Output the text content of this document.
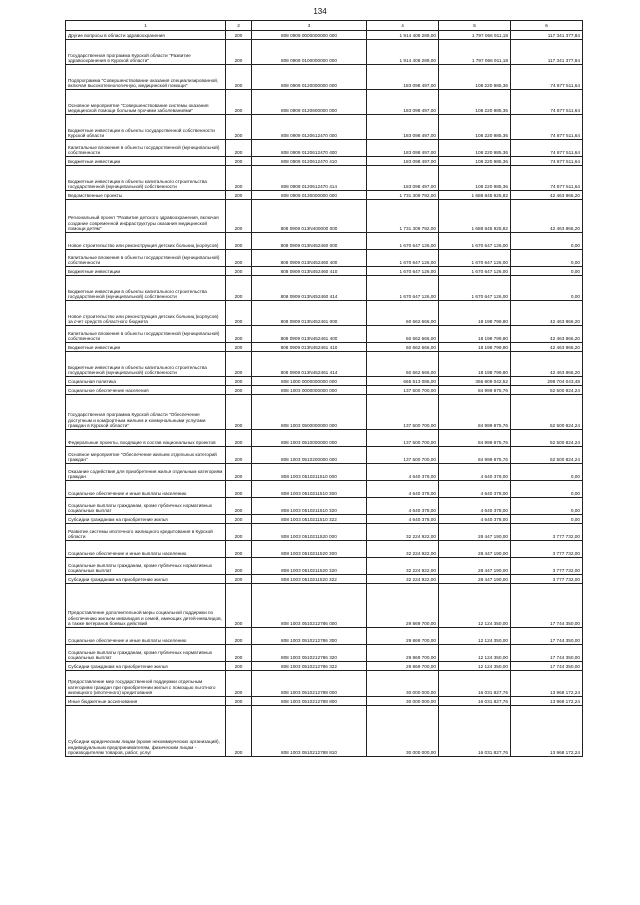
134
1	2	3	4	5	6
Другие вопросы в области здравоохранения	200	808 0909 0000000000 000	1 914 408 289,00	1 797 066 911,18	117 341 377,84
Государственная программа Курской области "Развитие здравоохранения в Курской области"	200	808 0909 0100000000 000	1 914 408 289,00	1 797 066 911,18	117 341 377,84
Подпрограмма "Совершенствование оказания специализированной, включая высокотехнологичную, медицинской помощи"	200	808 0909 0120000000 000	183 098 497,00	108 220 985,36	74 877 511,64
Основное мероприятие "Совершенствование системы оказания медицинской помощи больным прочими заболеваниями"	200	808 0909 0120600000 000	183 098 497,00	108 220 985,36	74 877 511,64
Бюджетные инвестиции в объекты государственной собственности Курской области	200	808 0909 0120612470 000	183 098 497,00	108 220 985,36	74 877 511,64
Капитальные вложения в объекты государственной (муниципальной) собственности	200	808 0909 0120612470 400	183 098 497,00	108 220 985,36	74 877 511,64
Бюджетные инвестиции	200	808 0909 0120612470 410	183 098 497,00	108 220 985,36	74 877 511,64
Бюджетные инвестиции в объекты капитального строительства государственной (муниципальной) собственности	200	808 0909 0120612470 414	183 098 497,00	108 220 985,36	74 877 511,64
Ведомственные проекты	200	808 0909 0130000000 000	1 731 309 792,00	1 688 845 925,82	42 463 866,20
Региональный проект "Развитие детского здравоохранения, включая создание современной инфраструктуры оказания медицинской помощи детям"	200	808 0909 013N400000 000	1 731 309 792,00	1 688 845 925,82	42 463 866,20
Новое строительство или реконструкция детских больниц (корпусов)	200	808 0909 013N452460 000	1 670 647 126,00	1 670 647 126,00	0,00
Капитальные вложения в объекты государственной (муниципальной) собственности	200	808 0909 013N452460 400	1 670 647 126,00	1 670 647 126,00	0,00
Бюджетные инвестиции	200	808 0909 013N452460 410	1 670 647 126,00	1 670 647 126,00	0,00
Бюджетные инвестиции в объекты капитального строительства государственной (муниципальной) собственности	200	808 0909 013N452460 414	1 670 647 126,00	1 670 647 126,00	0,00
Новое строительство или реконструкция детских больниц (корпусов) за счет средств областного бюджета	200	808 0909 013N452461 000	60 662 666,00	18 198 799,80	42 463 866,20
Капитальные вложения в объекты государственной (муниципальной) собственности	200	808 0909 013N452461 400	60 662 666,00	18 198 799,80	42 463 866,20
Бюджетные инвестиции	200	808 0909 013N452461 410	60 662 666,00	18 198 799,80	42 463 866,20
Бюджетные инвестиции в объекты капитального строительства государственной (муниципальной) собственности	200	808 0909 013N452461 414	60 662 666,00	18 198 799,80	42 463 866,20
Социальная политика	200	808 1000 0000000000 000	665 513 086,00	366 809 042,52	298 704 043,48
Социальное обеспечение населения	200	808 1003 0000000000 000	137 500 700,00	84 999 875,76	52 500 824,24
Государственная программа Курской области "Обеспечение доступным и комфортным жильем и коммунальными услугами граждан в Курской области"	200	808 1003 0500000000 000	137 500 700,00	84 999 875,76	52 500 824,24
Федеральные проекты, входящие в состав национальных проектов	200	808 1003 0510000000 000	137 500 700,00	84 999 875,76	52 500 824,24
Основное мероприятие "Обеспечение жильем отдельных категорий граждан"	200	808 1003 0510200000 000	137 500 700,00	84 999 875,76	52 500 824,24
Оказание содействия для приобретения жилья отдельным категориям граждан	200	808 1003 0510211510 000	4 640 378,00	4 640 378,00	0,00
Социальное обеспечение и иные выплаты населению	200	808 1003 0510211510 300	4 640 378,00	4 640 378,00	0,00
Социальные выплаты гражданам, кроме публичных нормативных социальных выплат	200	808 1003 0510211510 320	4 640 378,00	4 640 378,00	0,00
Субсидии гражданам на приобретение жилья	200	808 1003 0510211510 322	4 640 378,00	4 640 378,00	0,00
Развитие системы ипотечного жилищного кредитования в Курской области	200	808 1003 0510211520 000	32 224 922,00	28 447 190,00	3 777 732,00
Социальное обеспечение и иные выплаты населению	200	808 1003 0510211520 300	32 224 922,00	28 447 190,00	3 777 732,00
Социальные выплаты гражданам, кроме публичных нормативных социальных выплат	200	808 1003 0510211520 320	32 224 922,00	28 447 190,00	3 777 732,00
Субсидии гражданам на приобретение жилья	200	808 1003 0510211520 322	32 224 922,00	28 447 190,00	3 777 732,00
Предоставление дополнительной меры социальной поддержки по обеспечению жильем инвалидов и семей, имеющих детей-инвалидов, а также ветеранов боевых действий	200	808 1003 0510212786 000	29 869 700,00	12 124 350,00	17 744 350,00
Социальное обеспечение и иные выплаты населению	200	808 1003 0510212786 300	29 869 700,00	12 124 350,00	17 744 350,00
Социальные выплаты гражданам, кроме публичных нормативных социальных выплат	200	808 1003 0510212786 320	29 869 700,00	12 124 350,00	17 744 350,00
Субсидии гражданам на приобретение жилья	200	808 1003 0510212786 322	29 869 700,00	12 124 350,00	17 744 350,00
Предоставление мер государственной поддержки отдельным категориям граждан при приобретении жилья с помощью льготного жилищного (ипотечного) кредитования	200	808 1003 0510212788 000	30 000 000,00	16 031 827,76	13 968 172,24
Иные бюджетные ассигнования	200	808 1003 0510212788 800	30 000 000,00	16 031 827,76	13 968 172,24
Субсидии юридическим лицам (кроме некоммерческих организаций), индивидуальным предпринимателям, физическим лицам - производителям товаров, работ, услуг	200	808 1003 0510212788 810	30 000 000,00	16 031 827,76	13 968 172,24
